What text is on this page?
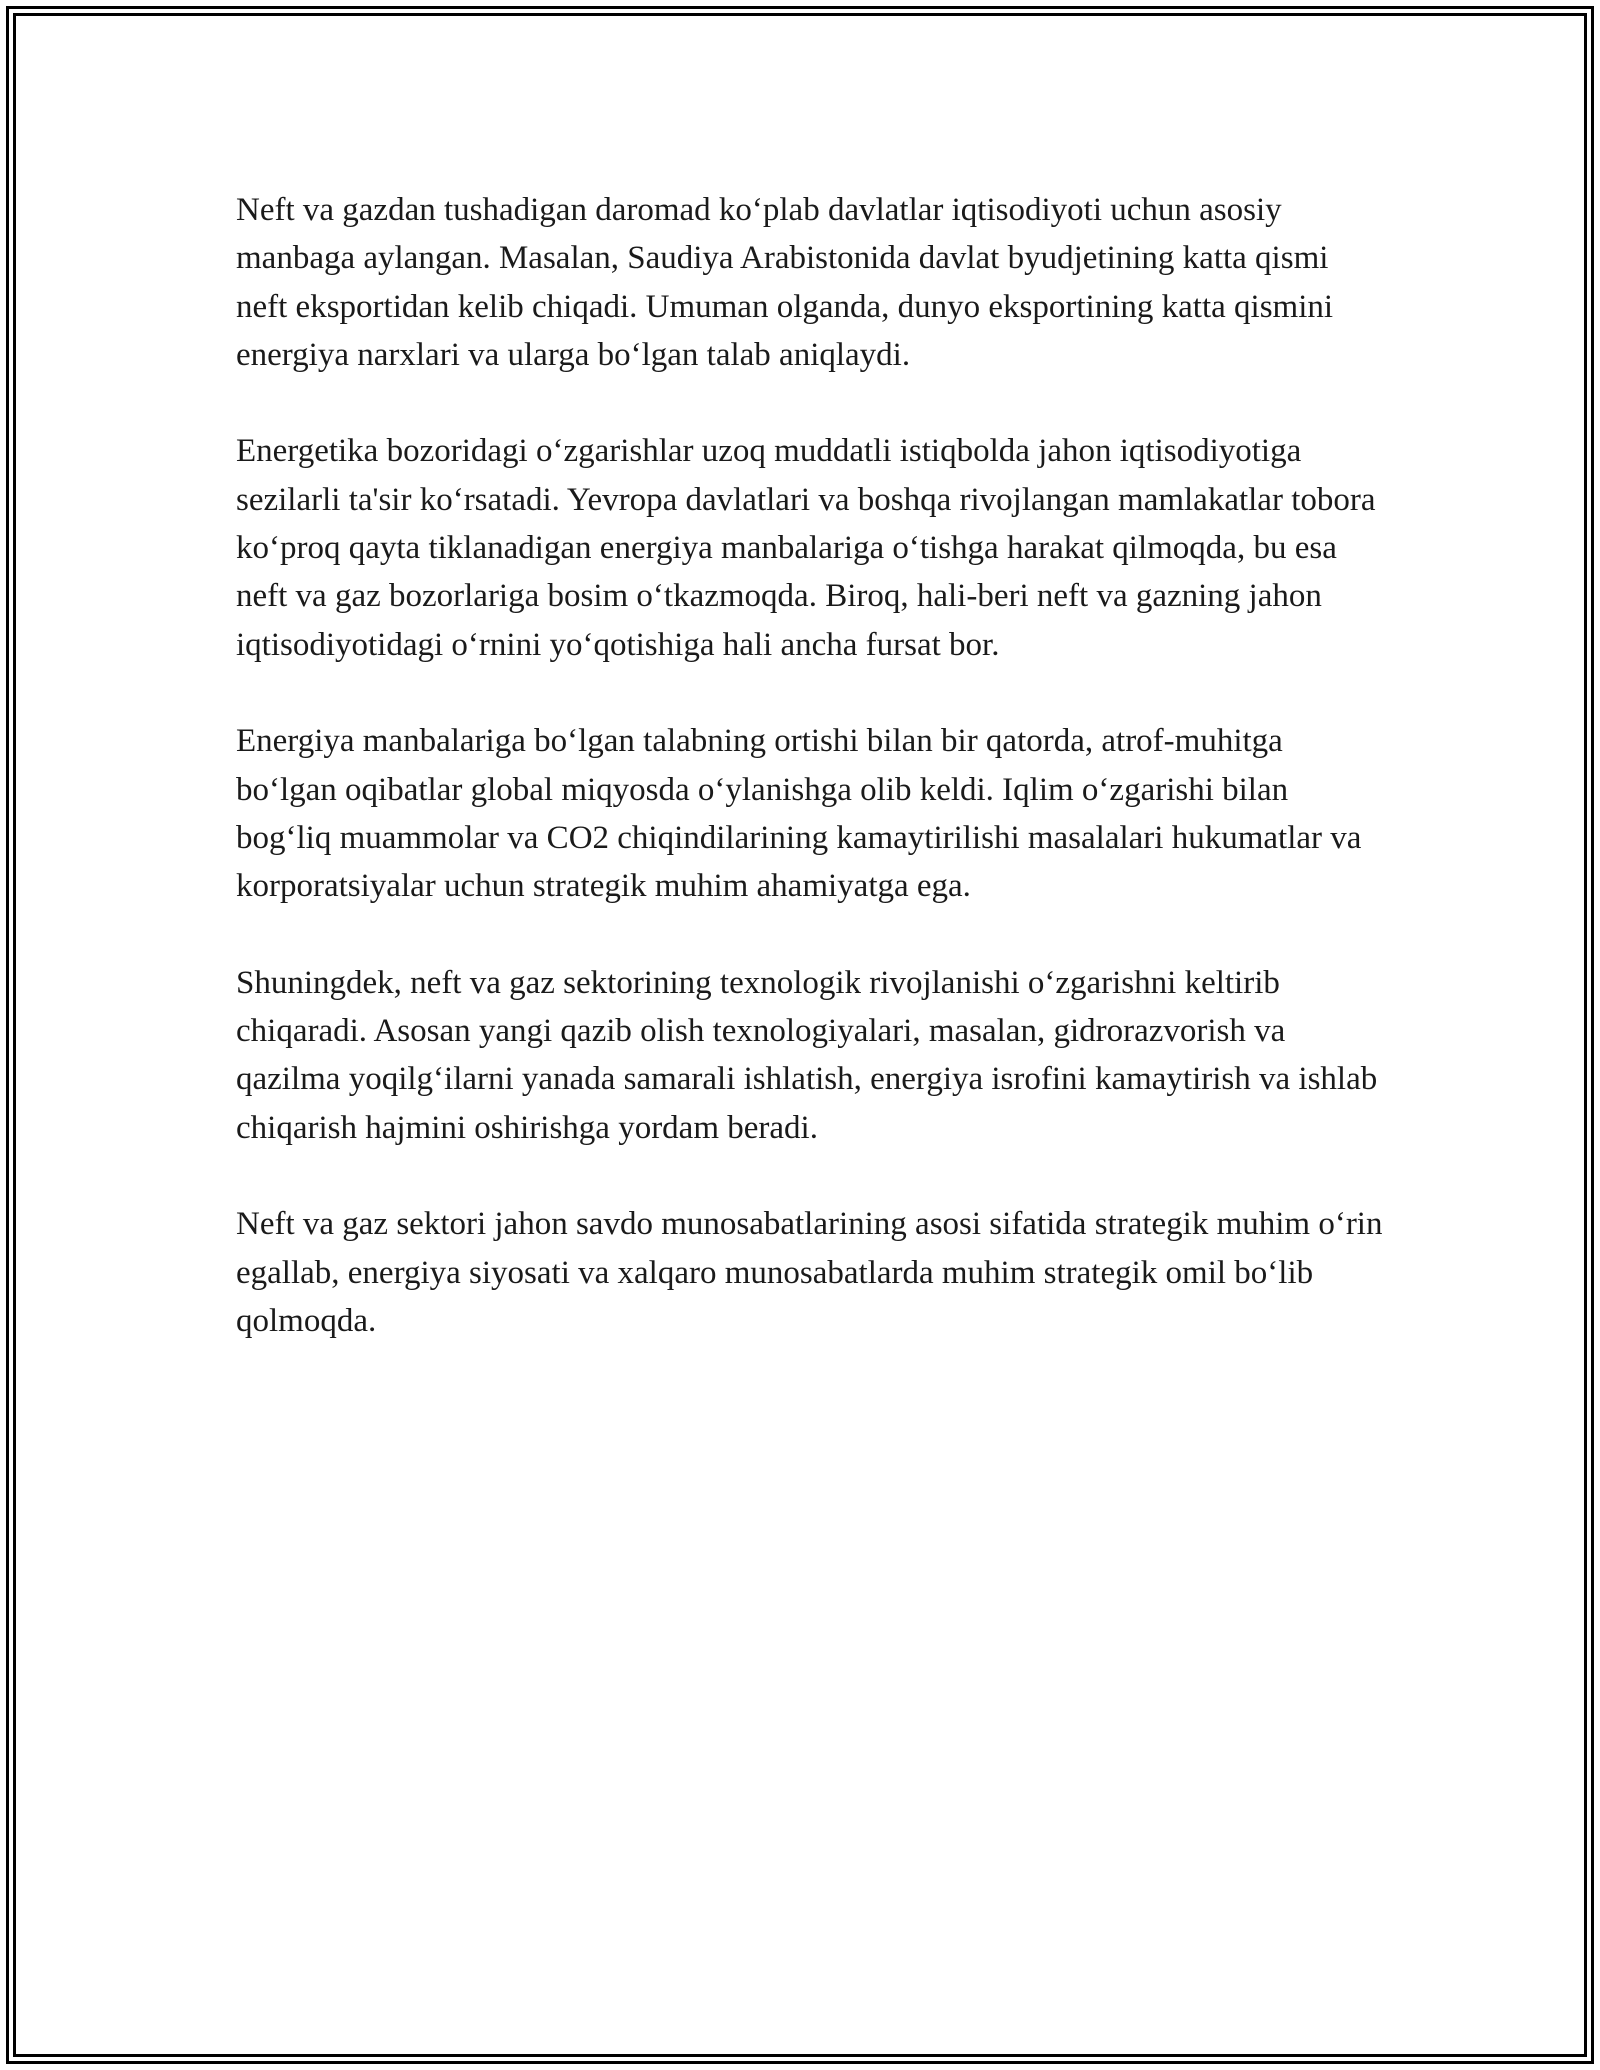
Neft va gazdan tushadigan daromad ko‘plab davlatlar iqtisodiyoti uchun asosiy manbaga aylangan. Masalan, Saudiya Arabistonida davlat byudjetining katta qismi neft eksportidan kelib chiqadi. Umuman olganda, dunyo eksportining katta qismini energiya narxlari va ularga bo‘lgan talab aniqlaydi.

Energetika bozoridagi o‘zgarishlar uzoq muddatli istiqbolda jahon iqtisodiyotiga sezilarli ta'sir ko‘rsatadi. Yevropa davlatlari va boshqa rivojlangan mamlakatlar tobora ko‘proq qayta tiklanadigan energiya manbalariga o‘tishga harakat qilmoqda, bu esa neft va gaz bozorlariga bosim o‘tkazmoqda. Biroq, hali-beri neft va gazning jahon iqtisodiyotidagi o‘rnini yo‘qotishiga hali ancha fursat bor.

Energiya manbalariga bo‘lgan talabning ortishi bilan bir qatorda, atrof-muhitga bo‘lgan oqibatlar global miqyosda o‘ylanishga olib keldi. Iqlim o‘zgarishi bilan bog‘liq muammolar va CO2 chiqindilarining kamaytirilishi masalalari hukumatlar va korporatsiyalar uchun strategik muhim ahamiyatga ega.

Shuningdek, neft va gaz sektorining texnologik rivojlanishi o‘zgarishni keltirib chiqaradi. Asosan yangi qazib olish texnologiyalari, masalan, gidrorazvorish va qazilma yoqilg‘ilarni yanada samarali ishlatish, energiya isrofini kamaytirish va ishlab chiqarish hajmini oshirishga yordam beradi.

Neft va gaz sektori jahon savdo munosabatlarining asosi sifatida strategik muhim o‘rin egallab, energiya siyosati va xalqaro munosabatlarda muhim strategik omil bo‘lib qolmoqda.
